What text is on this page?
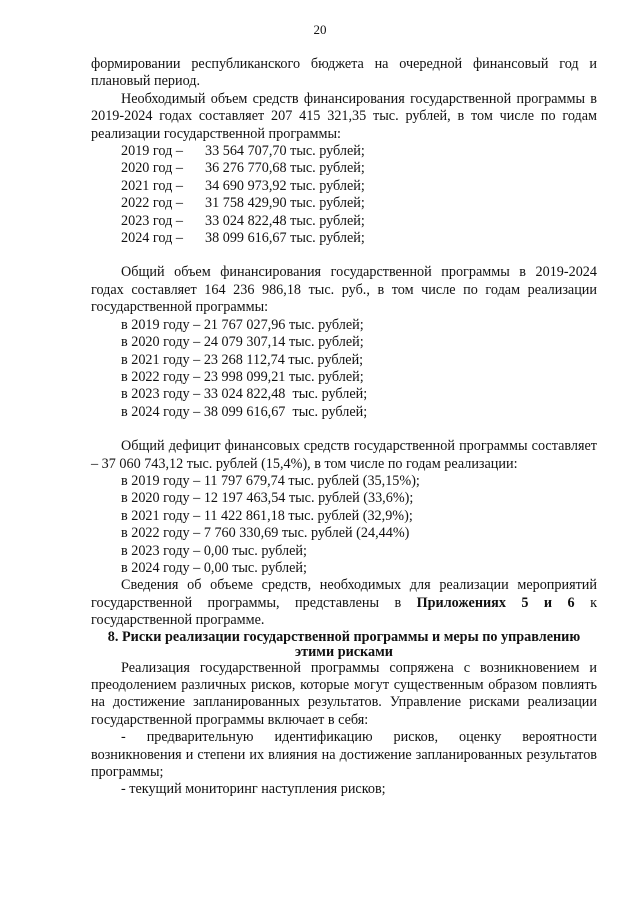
20

формировании республиканского бюджета на очередной финансовый год и плановый период.

Необходимый объем средств финансирования государственной программы в 2019-2024 годах составляет 207 415 321,35 тыс. рублей, в том числе по годам реализации государственной программы:

2019 год – 33 564 707,70 тыс. рублей;
2020 год – 36 276 770,68 тыс. рублей;
2021 год – 34 690 973,92 тыс. рублей;
2022 год – 31 758 429,90 тыс. рублей;
2023 год – 33 024 822,48 тыс. рублей;
2024 год – 38 099 616,67 тыс. рублей;

Общий объем финансирования государственной программы в 2019-2024 годах составляет 164 236 986,18 тыс. руб., в том числе по годам реализации государственной программы:

в 2019 году – 21 767 027,96 тыс. рублей;
в 2020 году – 24 079 307,14 тыс. рублей;
в 2021 году – 23 268 112,74 тыс. рублей;
в 2022 году – 23 998 099,21 тыс. рублей;
в 2023 году – 33 024 822,48  тыс. рублей;
в 2024 году – 38 099 616,67  тыс. рублей;

Общий дефицит финансовых средств государственной программы составляет – 37 060 743,12 тыс. рублей (15,4%), в том числе по годам реализации:

в 2019 году – 11 797 679,74 тыс. рублей (35,15%);
в 2020 году – 12 197 463,54 тыс. рублей (33,6%);
в 2021 году – 11 422 861,18 тыс. рублей (32,9%);
в 2022 году – 7 760 330,69 тыс. рублей (24,44%)
в 2023 году – 0,00 тыс. рублей;
в 2024 году – 0,00 тыс. рублей;

Сведения об объеме средств, необходимых для реализации мероприятий государственной программы, представлены в Приложениях 5 и 6 к государственной программе.

8. Риски реализации государственной программы и меры по управлению этими рисками

Реализация государственной программы сопряжена с возникновением и преодолением различных рисков, которые могут существенным образом повлиять на достижение запланированных результатов. Управление рисками реализации государственной программы включает в себя:

- предварительную идентификацию рисков, оценку вероятности возникновения и степени их влияния на достижение запланированных результатов программы;

- текущий мониторинг наступления рисков;
